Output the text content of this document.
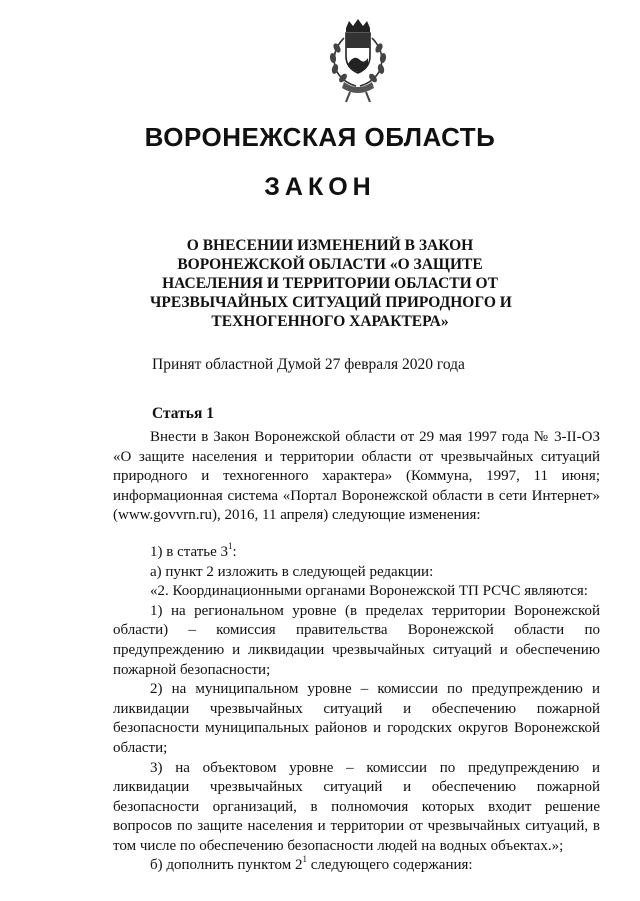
ВОРОНЕЖСКАЯ ОБЛАСТЬ
ЗАКОН
О ВНЕСЕНИИ ИЗМЕНЕНИЙ В ЗАКОН
ВОРОНЕЖСКОЙ ОБЛАСТИ «О ЗАЩИТЕ
НАСЕЛЕНИЯ И ТЕРРИТОРИИ ОБЛАСТИ ОТ
ЧРЕЗВЫЧАЙНЫХ СИТУАЦИЙ ПРИРОДНОГО И
ТЕХНОГЕННОГО ХАРАКТЕРА»
Принят областной Думой 27 февраля 2020 года
Статья 1

Внести в Закон Воронежской области от 29 мая 1997 года № 3-II-ОЗ «О защите населения и территории области от чрезвычайных ситуаций природного и техногенного характера» (Коммуна, 1997, 11 июня; информационная система «Портал Воронежской области в сети Интернет» (www.govvrn.ru), 2016, 11 апреля) следующие изменения:

1) в статье $3^1$:

а) пункт 2 изложить в следующей редакции:

«2. Координационными органами Воронежской ТП РСЧС являются:

1) на региональном уровне (в пределах территории Воронежской области) – комиссия правительства Воронежской области по предупреждению и ликвидации чрезвычайных ситуаций и обеспечению пожарной безопасности;

2) на муниципальном уровне – комиссии по предупреждению и ликвидации чрезвычайных ситуаций и обеспечению пожарной безопасности муниципальных районов и городских округов Воронежской области;

3) на объектовом уровне – комиссии по предупреждению и ликвидации чрезвычайных ситуаций и обеспечению пожарной безопасности организаций, в полномочия которых входит решение вопросов по защите населения и территории от чрезвычайных ситуаций, в том числе по обеспечению безопасности людей на водных объектах.»;

б) дополнить пунктом $2^1$ следующего содержания:
